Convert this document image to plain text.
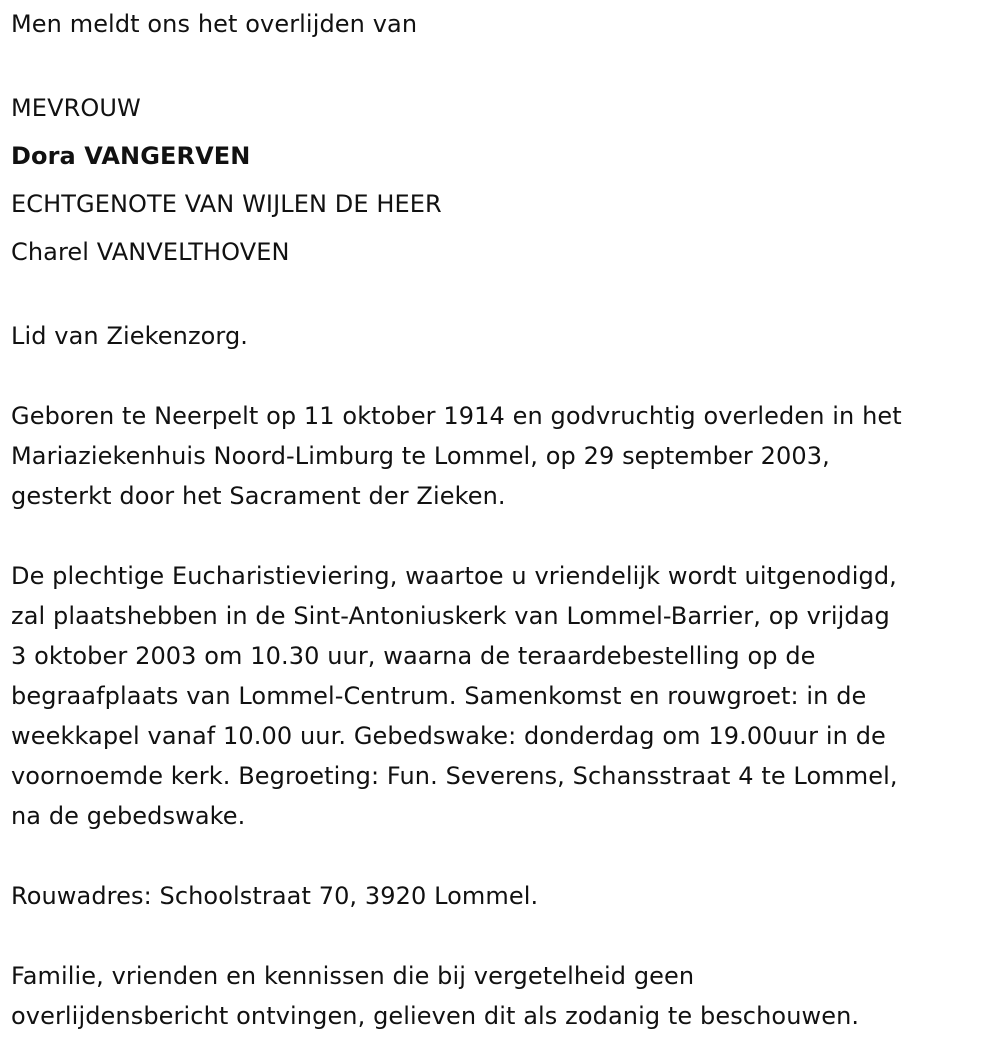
Men meldt ons het overlijden van

MEVROUW

Dora VANGERVEN

ECHTGENOTE VAN WIJLEN DE HEER

Charel VANVELTHOVEN

Lid van Ziekenzorg.

Geboren te Neerpelt op 11 oktober 1914 en godvruchtig overleden in het
Mariaziekenhuis Noord-Limburg te Lommel, op 29 september 2003,
gesterkt door het Sacrament der Zieken.

De plechtige Eucharistieviering, waartoe u vriendelijk wordt uitgenodigd,
zal plaatshebben in de Sint-Antoniuskerk van Lommel-Barrier, op vrijdag
3 oktober 2003 om 10.30 uur, waarna de teraardebestelling op de
begraafplaats van Lommel-Centrum. Samenkomst en rouwgroet: in de
weekkapel vanaf 10.00 uur. Gebedswake: donderdag om 19.00uur in de
voornoemde kerk. Begroeting: Fun. Severens, Schansstraat 4 te Lommel,
na de gebedswake.

Rouwadres: Schoolstraat 70, 3920 Lommel.

Familie, vrienden en kennissen die bij vergetelheid geen
overlijdensbericht ontvingen, gelieven dit als zodanig te beschouwen.
